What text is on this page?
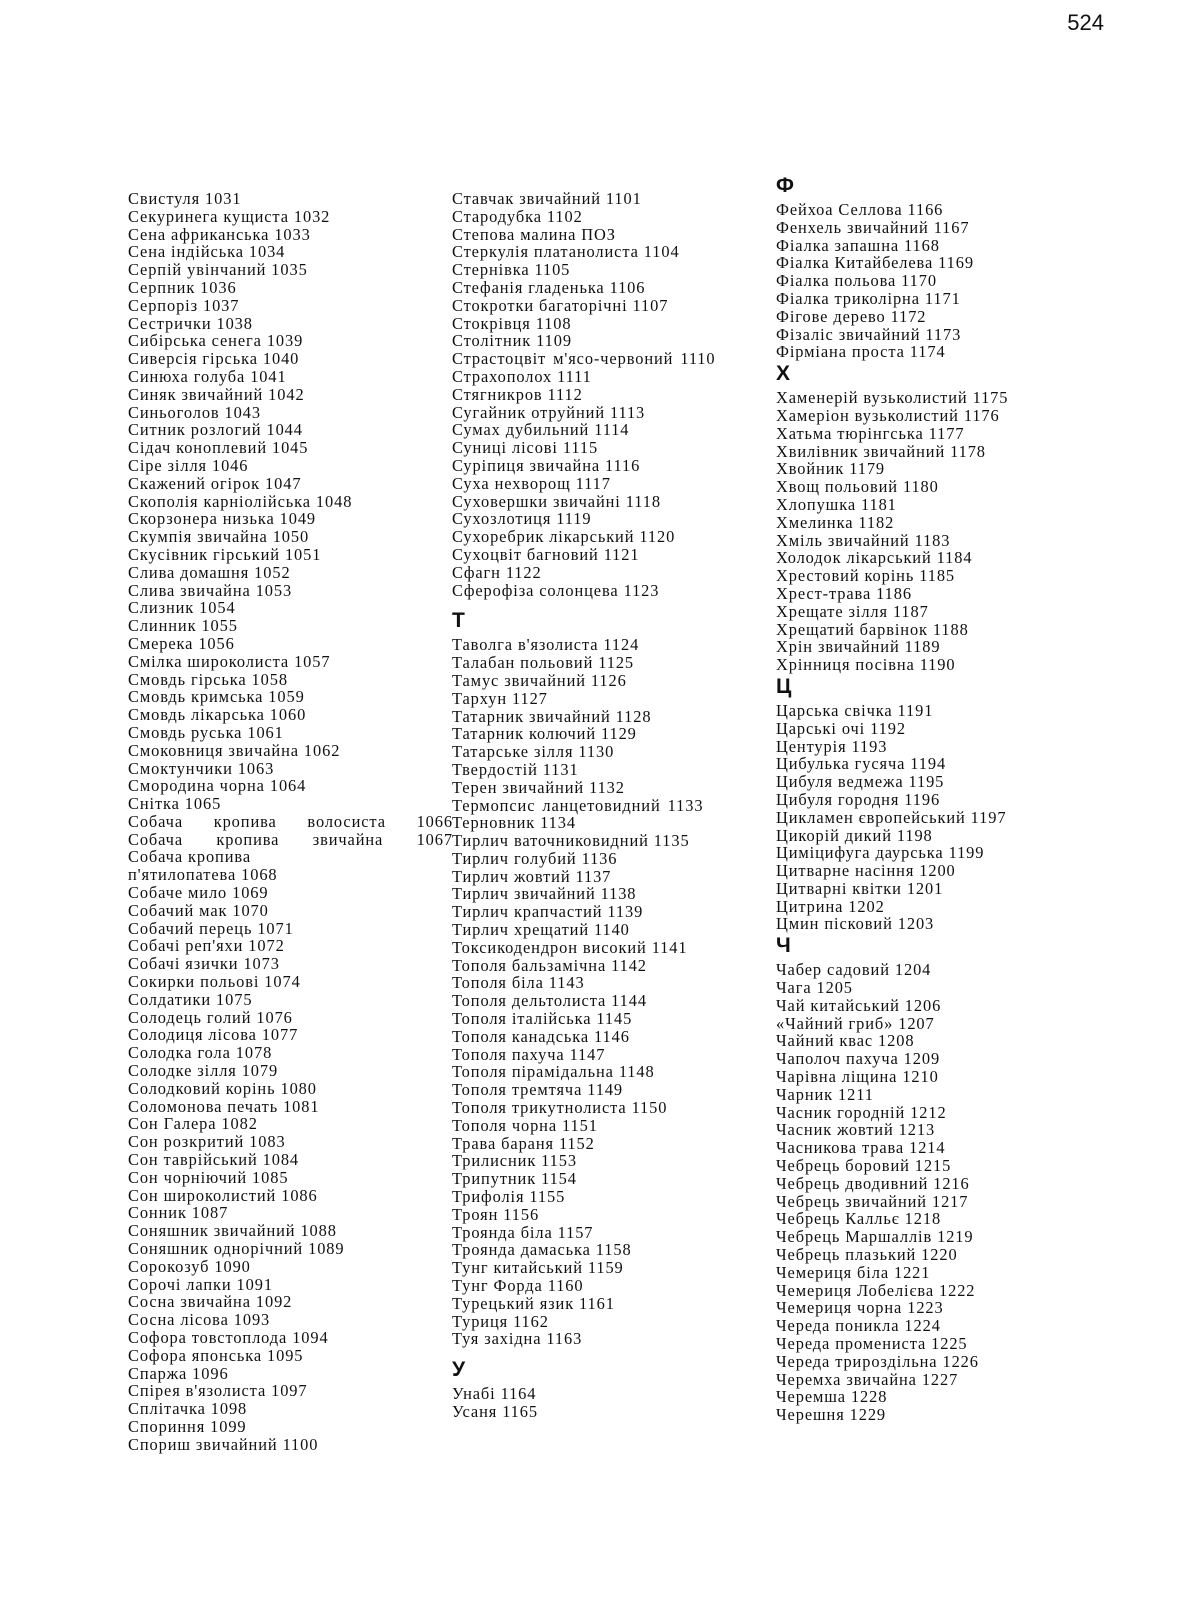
524
Свистуля 1031
Секуринега кущиста 1032
Сена африканська 1033
Сена індійська 1034
Серпій увінчаний 1035
Серпник 1036
Серпоріз 1037
Сестрички 1038
Сибірська сенега 1039
Сиверсія гірська 1040
Синюха голуба 1041
Синяк звичайний 1042
Синьоголов 1043
Ситник розлогий 1044
Сідач коноплевий 1045
Сіре зілля 1046
Скажений огірок 1047
Скополія карніолійська 1048
Скорзонера низька 1049
Скумпія звичайна 1050
Скусівник гірський 1051
Слива домашня 1052
Слива звичайна 1053
Слизник 1054
Слинник 1055
Смерека 1056
Смілка широколиста 1057
Смовдь гірська 1058
Смовдь кримська 1059
Смовдь лікарська 1060
Смовдь руська 1061
Смоковниця звичайна 1062
Смоктунчики 1063
Смородина чорна 1064
Снітка 1065
Собача кропива волосиста 1066
Собача кропива звичайна 1067
Собача кропива
п'ятилопатева 1068
Собаче мило 1069
Собачий мак 1070
Собачий перець 1071
Собачі реп'яхи 1072
Собачі язички 1073
Сокирки польові 1074
Солдатики 1075
Солодець голий 1076
Солодиця лісова 1077
Солодка гола 1078
Солодке зілля 1079
Солодковий корінь 1080
Соломонова печать 1081
Сон Галера 1082
Сон розкритий 1083
Сон таврійський 1084
Сон чорніючий 1085
Сон широколистий 1086
Сонник 1087
Соняшник звичайний 1088
Соняшник однорічний 1089
Сорокозуб 1090
Сорочі лапки 1091
Сосна звичайна 1092
Сосна лісова 1093
Софора товстоплода 1094
Софора японська 1095
Спаржа 1096
Спірея в'язолиста 1097
Сплітачка 1098
Спориння 1099
Спориш звичайний 1100
Ставчак звичайний 1101
Стародубка 1102
Степова малина ПОЗ
Стеркулія платанолиста 1104
Стернівка 1105
Стефанія гладенька 1106
Стокротки багаторічні 1107
Стокрівця 1108
Столітник 1109
Страстоцвіт м'ясо-червоний 1110
Страхополох 1111
Стягникров 1112
Сугайник отруйний 1113
Сумах дубильний 1114
Суниці лісові 1115
Суріпиця звичайна 1116
Суха нехворощ 1117
Суховершки звичайні 1118
Сухозлотиця 1119
Сухоребрик лікарський 1120
Сухоцвіт багновий 1121
Сфагн 1122
Сферофіза солонцева 1123
Т
Таволга в'язолиста 1124
Талабан польовий 1125
Тамус звичайний 1126
Тархун 1127
Татарник звичайний 1128
Татарник колючий 1129
Татарське зілля 1130
Твердостій 1131
Терен звичайний 1132
Термопсис ланцетовидний 1133
Терновник 1134
Тирлич ваточниковидний 1135
Тирлич голубий 1136
Тирлич жовтий 1137
Тирлич звичайний 1138
Тирлич крапчастий 1139
Тирлич хрещатий 1140
Токсикодендрон високий 1141
Тополя бальзамічна 1142
Тополя біла 1143
Тополя дельтолиста 1144
Тополя італійська 1145
Тополя канадська 1146
Тополя пахуча 1147
Тополя пірамідальна 1148
Тополя тремтяча 1149
Тополя трикутнолиста 1150
Тополя чорна 1151
Трава бараня 1152
Трилисник 1153
Трипутник 1154
Трифолія 1155
Троян 1156
Троянда біла 1157
Троянда дамаська 1158
Тунг китайський 1159
Тунг Форда 1160
Турецький язик 1161
Туриця 1162
Туя західна 1163
У
Унабі 1164
Усаня 1165
Ф
Фейхоа Селлова 1166
Фенхель звичайний 1167
Фіалка запашна 1168
Фіалка Китайбелева 1169
Фіалка польова 1170
Фіалка триколірна 1171
Фігове дерево 1172
Фізаліс звичайний 1173
Фірміана проста 1174
Х
Хаменерій вузьколистий 1175
Хамеріон вузьколистий 1176
Хатьма тюрінгська 1177
Хвилівник звичайний 1178
Хвойник 1179
Хвощ польовий 1180
Хлопушка 1181
Хмелинка 1182
Хміль звичайний 1183
Холодок лікарський 1184
Хрестовий корінь 1185
Хрест-трава 1186
Хрещате зілля 1187
Хрещатий барвінок 1188
Хрін звичайний 1189
Хрінниця посівна 1190
Ц
Царська свічка 1191
Царські очі 1192
Центурія 1193
Цибулька гусяча 1194
Цибуля ведмежа 1195
Цибуля городня 1196
Цикламен європейський 1197
Цикорій дикий 1198
Циміцифуга даурська 1199
Цитварне насіння 1200
Цитварні квітки 1201
Цитрина 1202
Цмин пісковий 1203
Ч
Чабер садовий 1204
Чага 1205
Чай китайський 1206
«Чайний гриб» 1207
Чайний квас 1208
Чаполоч пахуча 1209
Чарівна ліщина 1210
Чарник 1211
Часник городній 1212
Часник жовтий 1213
Часникова трава 1214
Чебрець боровий 1215
Чебрець дводивний 1216
Чебрець звичайний 1217
Чебрець Калльє 1218
Чебрець Маршаллів 1219
Чебрець плазький 1220
Чемериця біла 1221
Чемериця Лобелієва 1222
Чемериця чорна 1223
Череда поникла 1224
Череда промениста 1225
Череда трироздільна 1226
Черемха звичайна 1227
Черемша 1228
Черешня 1229
